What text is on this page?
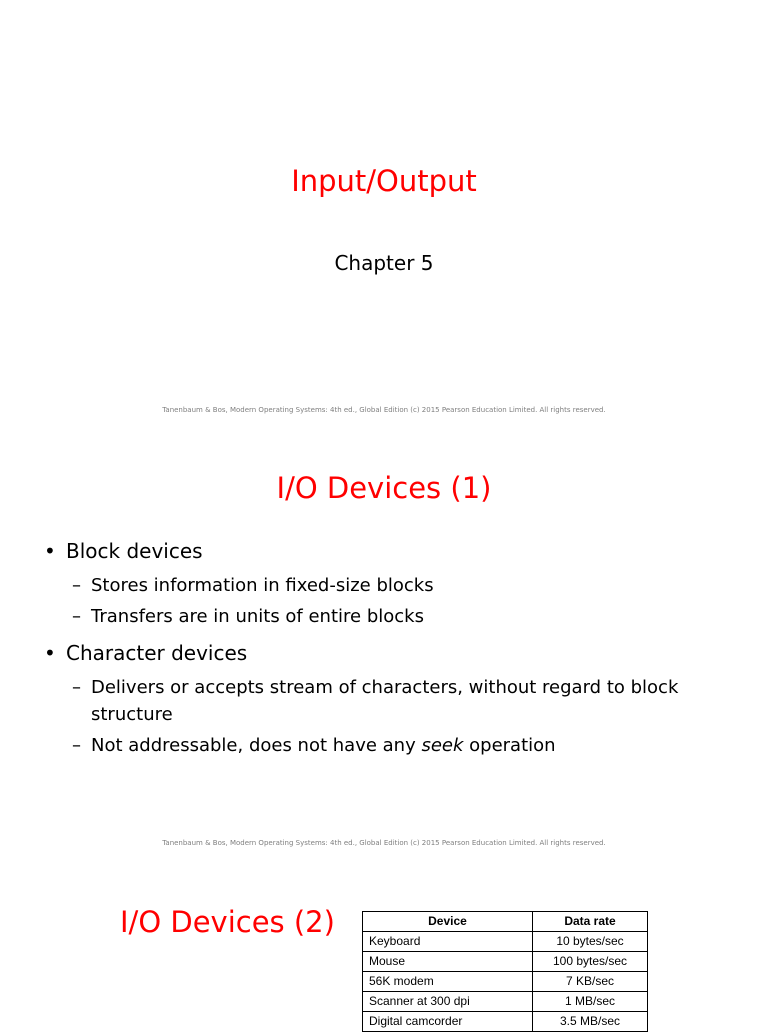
Input/Output
Chapter 5
Tanenbaum & Bos, Modern Operating Systems: 4th ed., Global Edition (c) 2015 Pearson Education Limited. All rights reserved.
I/O Devices (1)
• Block devices
– Stores information in fixed-size blocks
– Transfers are in units of entire blocks
• Character devices
– Delivers or accepts stream of characters, without regard to block
structure
– Not addressable, does not have any seek operation
Tanenbaum & Bos, Modern Operating Systems: 4th ed., Global Edition (c) 2015 Pearson Education Limited. All rights reserved.
I/O Devices (2)	Device	Data rate
Keyboard	10 bytes/sec
Mouse	100 bytes/sec
56K modem	7 KB/sec
Scanner at 300 dpi	1 MB/sec
Digital camcorder	3.5 MB/sec
